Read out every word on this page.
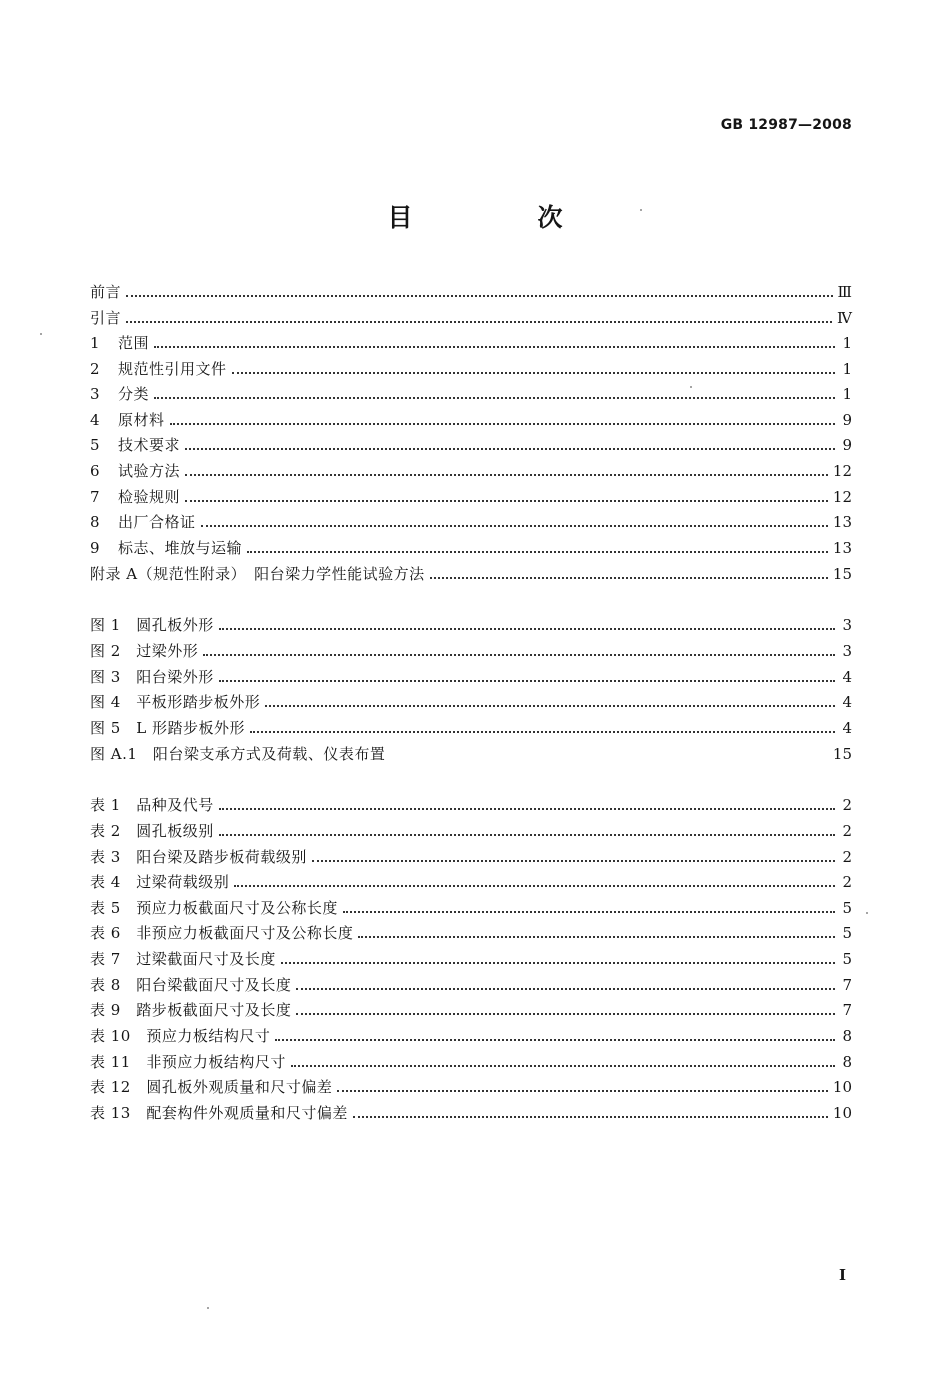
GB 12987—2008
目　次
前言	Ⅲ
引言	Ⅳ
1	范围	1
2	规范性引用文件	1
3	分类	1
4	原材料	9
5	技术要求	9
6	试验方法	12
7	检验规则	12
8	出厂合格证	13
9	标志、堆放与运输	13
附录 A（规范性附录）　阳台梁力学性能试验方法	15
图 1　圆孔板外形	3
图 2　过梁外形	3
图 3　阳台梁外形	4
图 4　平板形踏步板外形	4
图 5　L 形踏步板外形	4
图 A.1　阳台梁支承方式及荷载、仪表布置	15
表 1　品种及代号	2
表 2　圆孔板级别	2
表 3　阳台梁及踏步板荷载级别	2
表 4　过梁荷载级别	2
表 5　预应力板截面尺寸及公称长度	5
表 6　非预应力板截面尺寸及公称长度	5
表 7　过梁截面尺寸及长度	5
表 8　阳台梁截面尺寸及长度	7
表 9　踏步板截面尺寸及长度	7
表 10　预应力板结构尺寸	8
表 11　非预应力板结构尺寸	8
表 12　圆孔板外观质量和尺寸偏差	10
表 13　配套构件外观质量和尺寸偏差	10
I
